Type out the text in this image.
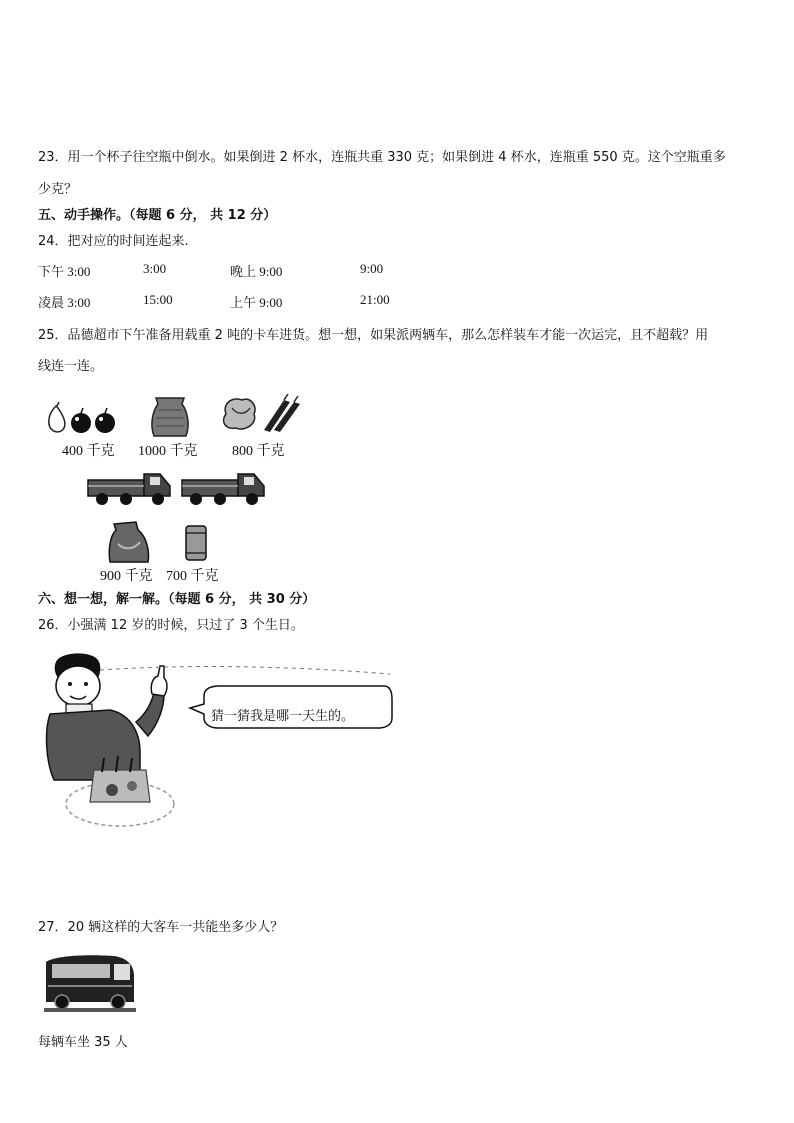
23．用一个杯子往空瓶中倒水。如果倒进 2 杯水，连瓶共重 330 克；如果倒进 4 杯水，连瓶重 550 克。这个空瓶重多
少克？
五、动手操作。（每题 6 分， 共 12 分）
24．把对应的时间连起来.
下午 3:00	3:00	晚上 9:00	9:00
凌晨 3:00	15:00	上午 9:00	21:00
25．品德超市下午准备用载重 2 吨的卡车进货。想一想，如果派两辆车，那么怎样装车才能一次运完，且不超载？用
线连一连。
400 千克 1000 千克 800 千克
900 千克 700 千克
六、想一想，解一解。（每题 6 分， 共 30 分）
26．小强满 12 岁的时候，只过了 3 个生日。
猜一猜我是哪一天生的。
27．20 辆这样的大客车一共能坐多少人？
每辆车坐 35 人
